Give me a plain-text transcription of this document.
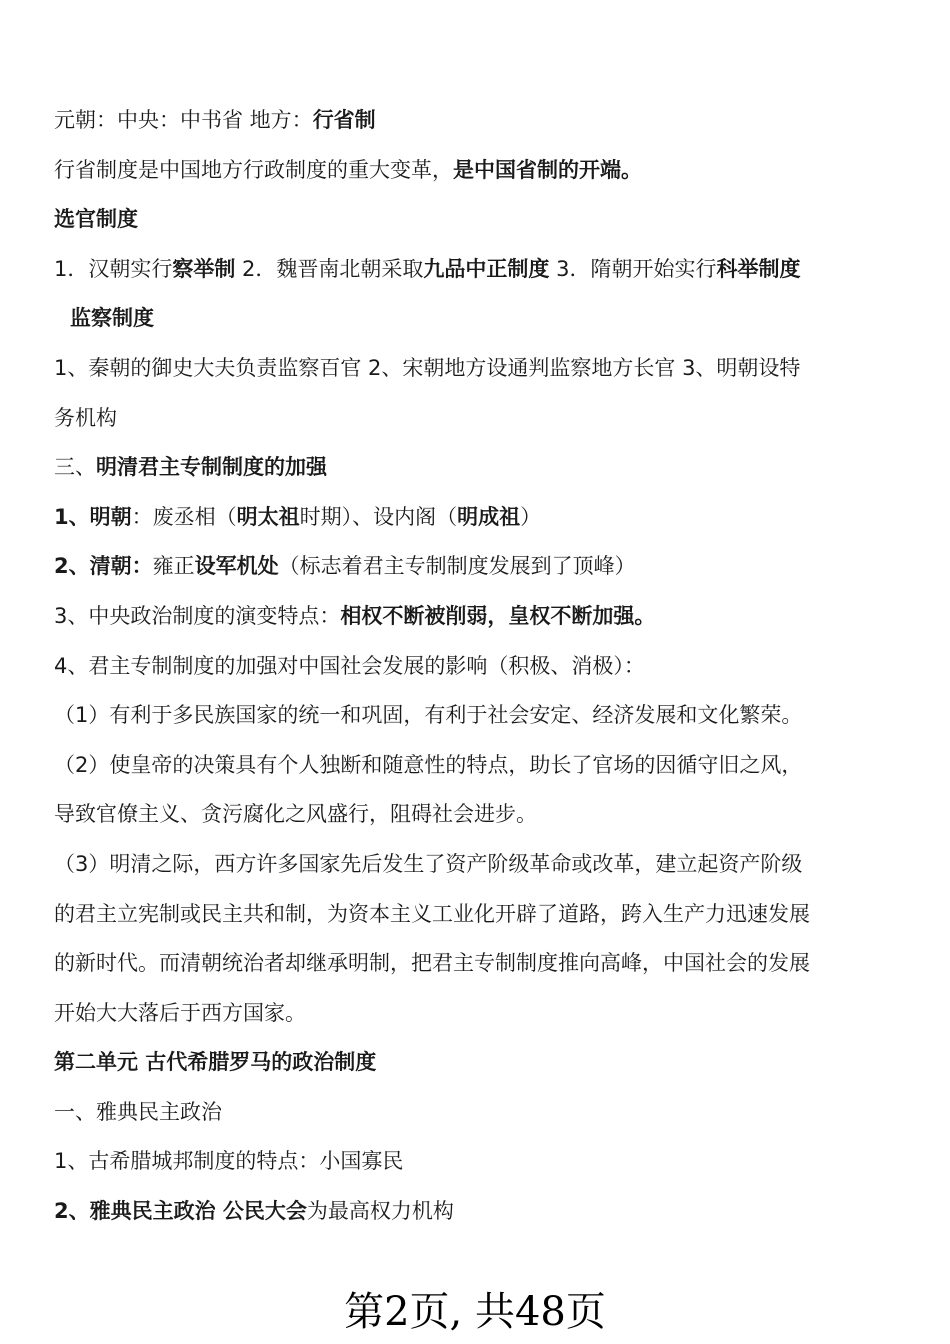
元朝：中央：中书省 地方：行省制

行省制度是中国地方行政制度的重大变革，是中国省制的开端。

选官制度

1．汉朝实行察举制 2．魏晋南北朝采取九品中正制度 3．隋朝开始实行科举制度

监察制度

1、秦朝的御史大夫负责监察百官 2、宋朝地方设通判监察地方长官 3、明朝设特

务机构

三、明清君主专制制度的加强

1、明朝：废丞相（明太祖时期）、设内阁（明成祖）

2、清朝：雍正设军机处（标志着君主专制制度发展到了顶峰）

3、中央政治制度的演变特点：相权不断被削弱，皇权不断加强。

4、君主专制制度的加强对中国社会发展的影响（积极、消极）：

（1）有利于多民族国家的统一和巩固，有利于社会安定、经济发展和文化繁荣。

（2）使皇帝的决策具有个人独断和随意性的特点，助长了官场的因循守旧之风，

导致官僚主义、贪污腐化之风盛行，阻碍社会进步。

（3）明清之际，西方许多国家先后发生了资产阶级革命或改革，建立起资产阶级

的君主立宪制或民主共和制，为资本主义工业化开辟了道路，跨入生产力迅速发展

的新时代。而清朝统治者却继承明制，把君主专制制度推向高峰，中国社会的发展

开始大大落后于西方国家。

第二单元 古代希腊罗马的政治制度

一、雅典民主政治

1、古希腊城邦制度的特点：小国寡民

2、雅典民主政治 公民大会为最高权力机构

第2页, 共48页
